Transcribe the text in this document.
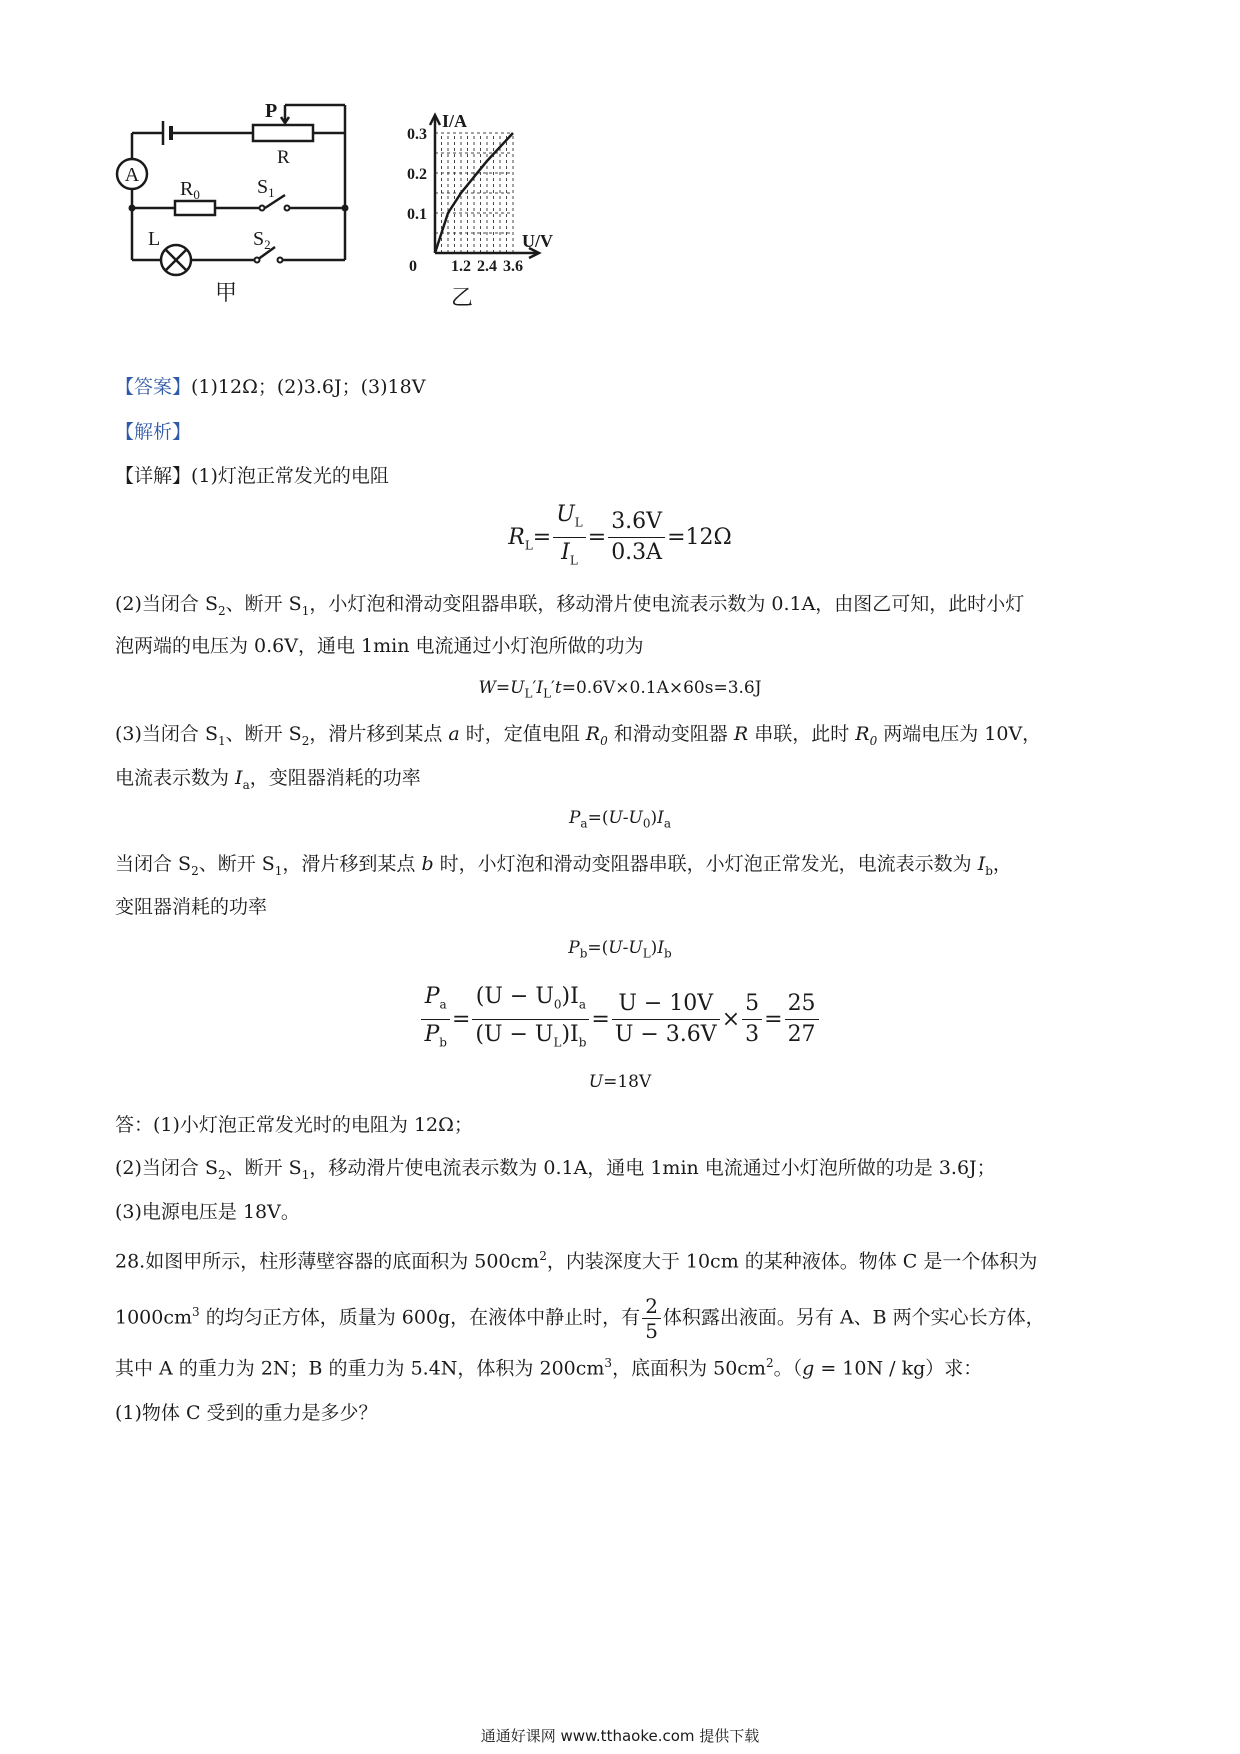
A
P
R
$R_0$	$S_1$
L	$S_2$
甲
1.2 2.4 3.6
0.1
0.2
0.3
I/A
U/V
0
乙
【答案】(1)12Ω；(2)3.6J；(3)18V
【解析】
【详解】(1)灯泡正常发光的电阻
$R_L= \frac{U_L}{I_L} = \frac{3.6V}{0.3A} =12\Omega$
(2)当闭合 $S_2$、断开 $S_1$，小灯泡和滑动变阻器串联，移动滑片使电流表示数为 0.1A，由图乙可知，此时小灯
泡两端的电压为 0.6V，通电 1min 电流通过小灯泡所做的功为
$W=U_L'I_L't=0.6V\times 0.1A\times 60s=3.6J$
(3)当闭合 $S_1$、断开 $S_2$，滑片移到某点 a 时，定值电阻 $R_0$ 和滑动变阻器 R 串联，此时 $R_0$ 两端电压为 10V，
电流表示数为 $I_a$，变阻器消耗的功率
$P_a=(U-U_0)I_a$
当闭合 $S_2$、断开 $S_1$，滑片移到某点 b 时，小灯泡和滑动变阻器串联，小灯泡正常发光，电流表示数为 $I_b$，
变阻器消耗的功率
$P_b=(U-U_L)I_b$
$\frac{P_a}{P_b} = \frac{(U - U_0)I_a}{(U - U_L)I_b} = \frac{U - 10V}{U - 3.6V} \times \frac{5}{3} = \frac{25}{27}$
U=18V
答：(1)小灯泡正常发光时的电阻为 12Ω；
(2)当闭合 $S_2$、断开 $S_1$，移动滑片使电流表示数为 0.1A，通电 1min 电流通过小灯泡所做的功是 3.6J；
(3)电源电压是 18V。
28.如图甲所示，柱形薄壁容器的底面积为 $500cm^2$，内装深度大于 10cm 的某种液体。物体 C 是一个体积为
$1000cm^3$ 的均匀正方体，质量为 600g，在液体中静止时，有 $\frac{2}{5}$ 体积露出液面。另有 A、B 两个实心长方体，
其中 A 的重力为 2N；B 的重力为 5.4N，体积为 $200cm^3$，底面积为 $50cm^2$。（g = 10N / kg）求：
(1)物体 C 受到的重力是多少？
通通好课网 www.tthaoke.com 提供下载
